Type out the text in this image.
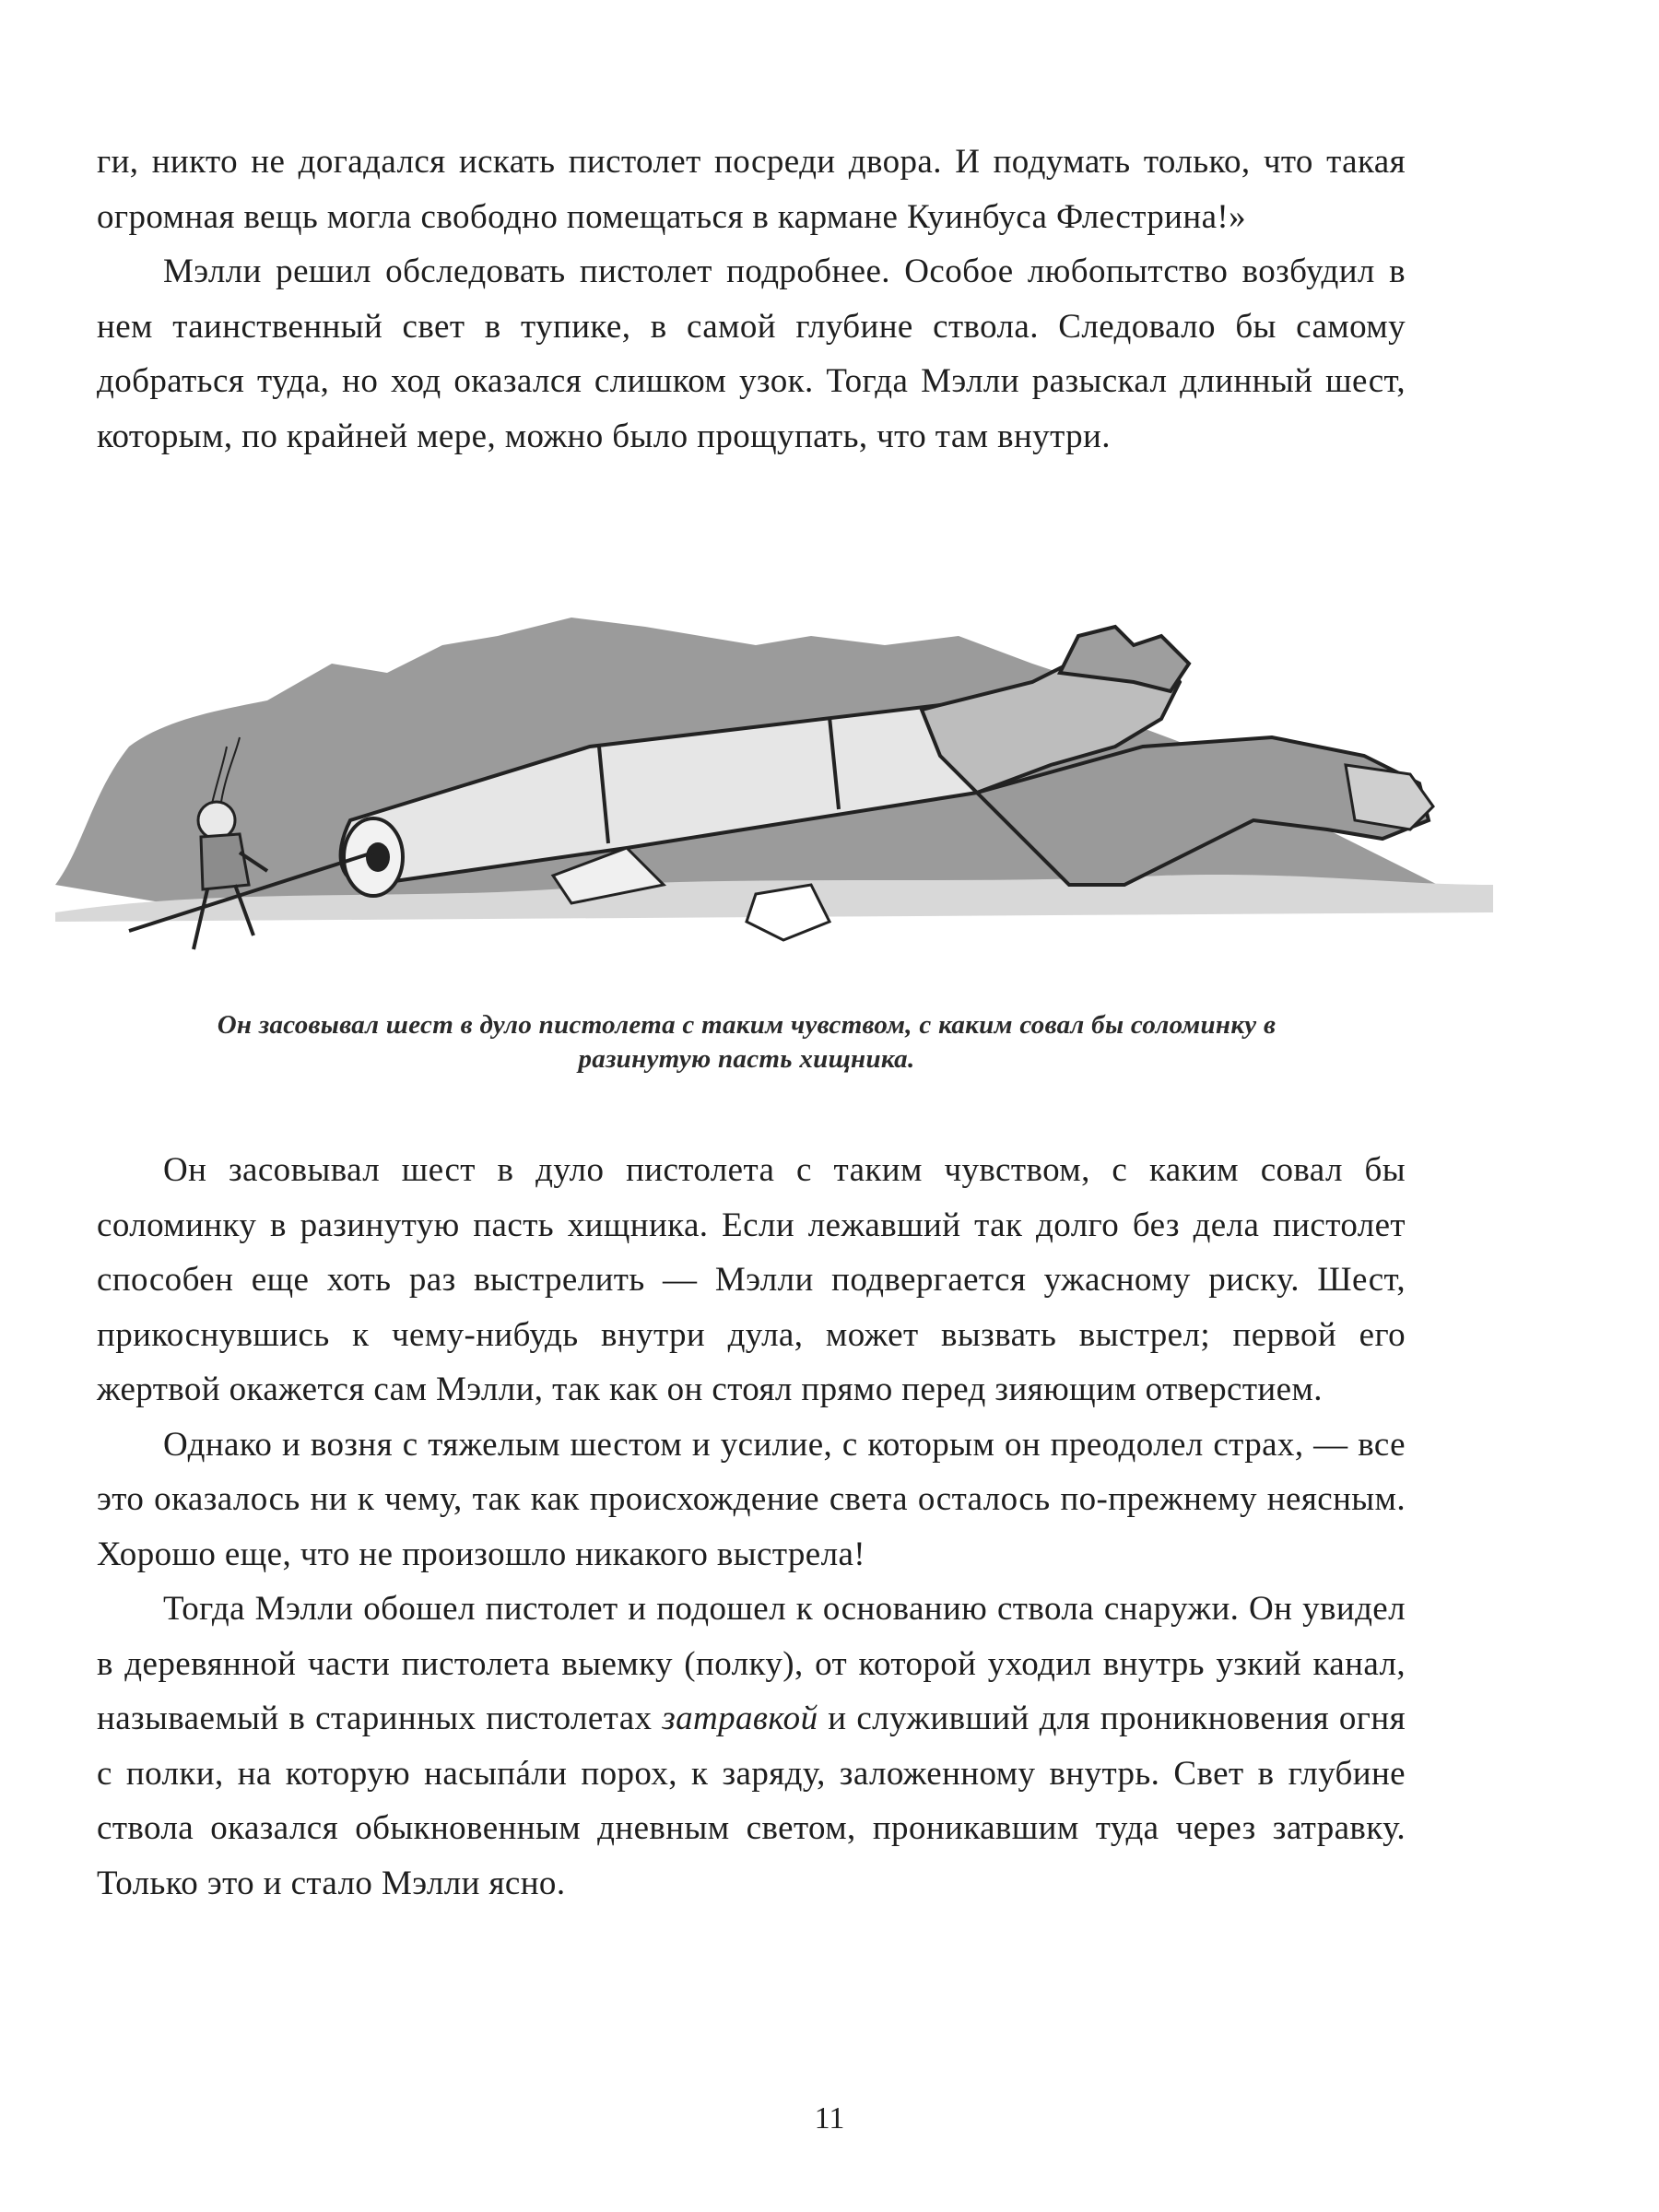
ги, никто не догадался искать пистолет посреди двора. И подумать только, что такая огромная вещь могла свободно помещаться в кармане Куинбуса Флестрина!»

Мэлли решил обследовать пистолет подробнее. Особое любопытство возбудил в нем таинственный свет в тупике, в самой глубине ствола. Следовало бы самому добраться туда, но ход оказался слишком узок. Тогда Мэлли разыскал длинный шест, которым, по крайней мере, можно было прощупать, что там внутри.

Он засовывал шест в дуло пистолета с таким чувством, с каким совал бы соломинку в разинутую пасть хищника.

Он засовывал шест в дуло пистолета с таким чувством, с каким совал бы соломинку в разинутую пасть хищника. Если лежавший так долго без дела пистолет способен еще хоть раз выстрелить — Мэлли подвергается ужасному риску. Шест, прикоснувшись к чему-нибудь внутри дула, может вызвать выстрел; первой его жертвой окажется сам Мэлли, так как он стоял прямо перед зияющим отверстием.

Однако и возня с тяжелым шестом и усилие, с которым он преодолел страх, — все это оказалось ни к чему, так как происхождение света осталось по-прежнему неясным. Хорошо еще, что не произошло никакого выстрела!

Тогда Мэлли обошел пистолет и подошел к основанию ствола снаружи. Он увидел в деревянной части пистолета выемку (полку), от которой уходил внутрь узкий канал, называемый в старинных пистолетах затравкой и служивший для проникновения огня с полки, на которую насыпáли порох, к заряду, заложенному внутрь. Свет в глубине ствола оказался обыкновенным дневным светом, проникавшим туда через затравку. Только это и стало Мэлли ясно.

11
